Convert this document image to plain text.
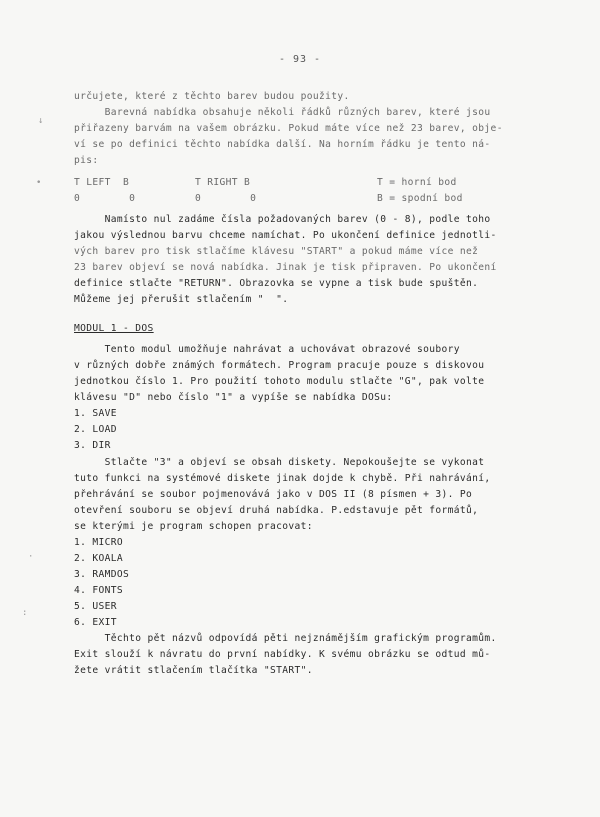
- 93 -
určujete, které z těchto barev budou použity.
Barevná nabídka obsahuje několi řádků různých barev, které jsou
přiřazeny barvám na vašem obrázku. Pokud máte více než 23 barev, obje-
ví se po definici těchto nabídka další. Na horním řádku je tento ná-
pis:
T LEFT  B	T RIGHT B	T = horní bod
0        0	0        0	B = spodní bod
Namísto nul zadáme čísla požadovaných barev (0 - 8), podle toho
jakou výslednou barvu chceme namíchat. Po ukončení definice jednotli-
vých barev pro tisk stlačíme klávesu "START" a pokud máme více než
23 barev objeví se nová nabídka. Jinak je tisk připraven. Po ukončení
definice stlačte "RETURN". Obrazovka se vypne a tisk bude spuštěn.
Můžeme jej přerušit stlačením "  ".
MODUL 1 - DOS
Tento modul umožňuje nahrávat a uchovávat obrazové soubory
v různých dobře známých formátech. Program pracuje pouze s diskovou
jednotkou číslo 1. Pro použití tohoto modulu stlačte "G", pak volte
klávesu "D" nebo číslo "1" a vypíše se nabídka DOSu:
1. SAVE
2. LOAD
3. DIR
Stlačte "3" a objeví se obsah diskety. Nepokoušejte se vykonat
tuto funkci na systémové diskete jinak dojde k chybě. Při nahrávání,
přehrávání se soubor pojmenovává jako v DOS II (8 písmen + 3). Po
otevření souboru se objeví druhá nabídka. P.edstavuje pět formátů,
se kterými je program schopen pracovat:
1. MICRO
2. KOALA
3. RAMDOS
4. FONTS
5. USER
6. EXIT
Těchto pět názvů odpovídá pěti nejznámějším grafickým programům.
Exit slouží k návratu do první nabídky. K svému obrázku se odtud mů-
žete vrátit stlačením tlačítka "START".
↓
•
·
:
